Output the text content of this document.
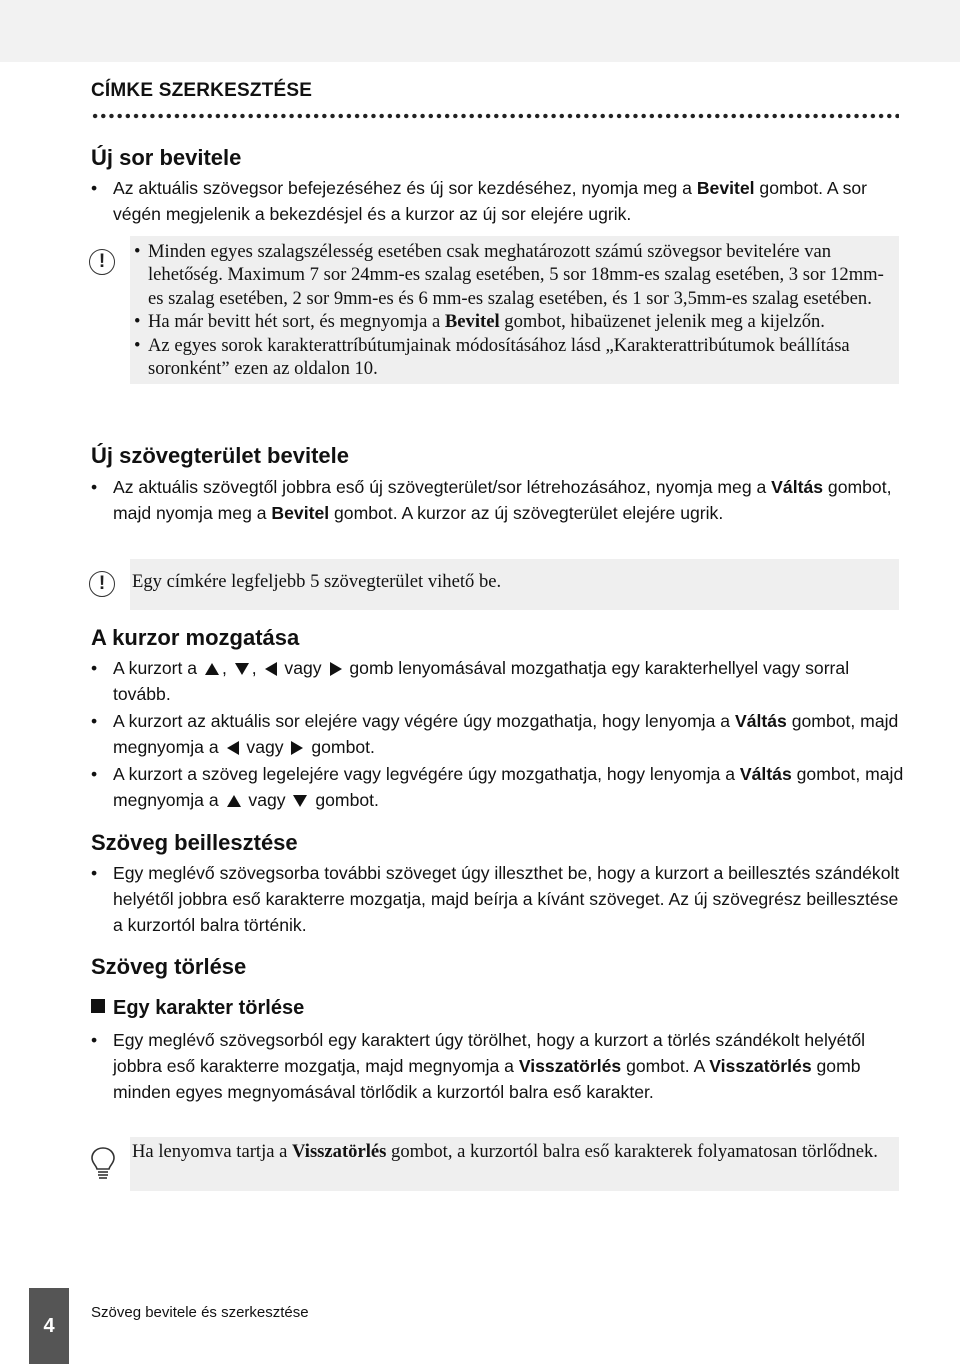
CÍMKE SZERKESZTÉSE
Új sor bevitele
• Az aktuális szövegsor befejezéséhez és új sor kezdéséhez, nyomja meg a Bevitel gombot. A sor végén megjelenik a bekezdésjel és a kurzor az új sor elejére ugrik.
!
•	Minden egyes szalagszélesség esetében csak meghatározott számú szövegsor bevitelére van lehetőség. Maximum 7 sor 24mm-es szalag esetében, 5 sor 18mm-es szalag esetében, 3 sor 12mm-es szalag esetében, 2 sor 9mm-es és 6 mm-es szalag esetében, és 1 sor 3,5mm-es szalag esetében.
• Ha már bevitt hét sort, és megnyomja a Bevitel gombot, hibaüzenet jelenik meg a kijelzőn.
• Az egyes sorok karakterattríbútumjainak módosításához lásd „Karakterattribútumok beállítása soronként” ezen az oldalon 10.
Új szövegterület bevitele
• Az aktuális szövegtől jobbra eső új szövegterület/sor létrehozásához, nyomja meg a Váltás gombot, majd nyomja meg a Bevitel gombot. A kurzor az új szövegterület elejére ugrik.
!	Egy címkére legfeljebb 5 szövegterület vihető be.

A kurzor mozgatása
• A kurzort a , ,  vagy  gomb lenyomásával mozgathatja egy karakterhellyel vagy sorral tovább.
• A kurzort az aktuális sor elejére vagy végére úgy mozgathatja, hogy lenyomja a Váltás gombot, majd megnyomja a  vagy  gombot.
• A kurzort a szöveg legelejére vagy legvégére úgy mozgathatja, hogy lenyomja a Váltás gombot, majd megnyomja a  vagy  gombot.
Szöveg beillesztése
• Egy meglévő szövegsorba további szöveget úgy illeszthet be, hogy a kurzort a beillesztés szándékolt helyétől jobbra eső karakterre mozgatja, majd beírja a kívánt szöveget. Az új szövegrész beillesztése a kurzortól balra történik.
Szöveg törlése
Egy karakter törlése
• Egy meglévő szövegsorból egy karaktert úgy törölhet, hogy a kurzort a törlés szándékolt helyétől jobbra eső karakterre mozgatja, majd megnyomja a Visszatörlés gombot. A Visszatörlés gomb minden egyes megnyomásával törlődik a kurzortól balra eső karakter.

Ha lenyomva tartja a Visszatörlés gombot, a kurzortól balra eső karakterek folyamatosan törlődnek.

4
Szöveg bevitele és szerkesztése
